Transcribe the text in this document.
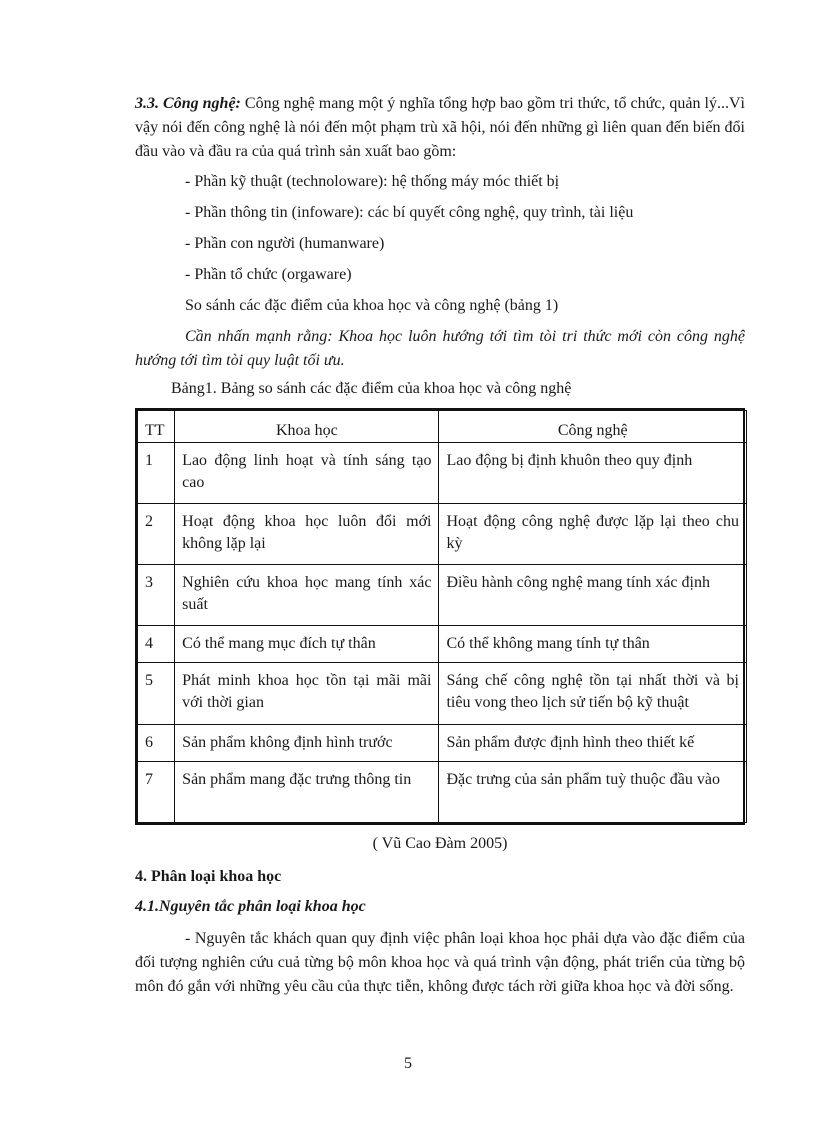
3.3. Công nghệ: Công nghệ mang một ý nghĩa tổng hợp bao gồm tri thức, tổ chức, quản lý...Vì vậy nói đến công nghệ là nói đến một phạm trù xã hội, nói đến những gì liên quan đến biến đổi đầu vào và đầu ra của quá trình sản xuất bao gồm:

- Phần kỹ thuật (technoloware): hệ thống máy móc thiết bị

- Phần thông tin (infoware): các bí quyết công nghệ, quy trình, tài liệu

- Phần con người (humanware)

- Phần tổ chức (orgaware)

So sánh các đặc điểm của khoa học và công nghệ (bảng 1)

Cần nhấn mạnh rằng: Khoa học luôn hướng tới tìm tòi tri thức mới còn công nghệ hướng tới tìm tòi quy luật tối ưu.

Bảng1. Bảng so sánh các đặc điểm của khoa học và công nghệ

TT	Khoa học	Công nghệ
1	Lao động linh hoạt và tính sáng tạo cao	Lao động bị định khuôn theo quy định
2	Hoạt động khoa học luôn đổi mới không lặp lại	Hoạt động công nghệ được lặp lại theo chu kỳ
3	Nghiên cứu khoa học mang tính xác suất	Điều hành công nghệ mang tính xác định
4	Có thể mang mục đích tự thân	Có thể không mang tính tự thân
5	Phát minh khoa học tồn tại mãi mãi với thời gian	Sáng chế công nghệ tồn tại nhất thời và bị tiêu vong theo lịch sử tiến bộ kỹ thuật
6	Sản phẩm không định hình trước	Sản phẩm được định hình theo thiết kế
7	Sản phẩm mang đặc trưng thông tin	Đặc trưng của sản phẩm tuỳ thuộc đầu vào

( Vũ Cao Đàm 2005)

4. Phân loại khoa học

4.1.Nguyên tắc phân loại khoa học

- Nguyên tắc khách quan quy định việc phân loại khoa học phải dựa vào đặc điểm của đối tượng nghiên cứu cuả từng bộ môn khoa học và quá trình vận động, phát triển của từng bộ môn đó gắn với những yêu cầu của thực tiễn, không được tách rời giữa khoa học và đời sống.

5
